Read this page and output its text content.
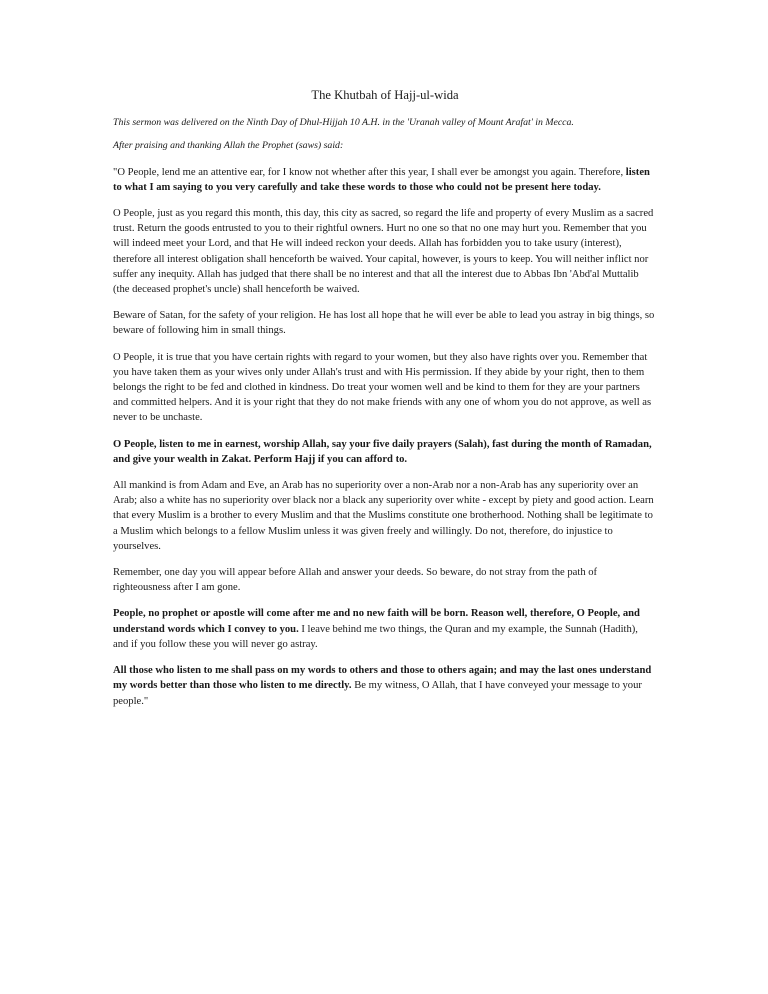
The Khutbah of Hajj-ul-wida

This sermon was delivered on the Ninth Day of Dhul-Hijjah 10 A.H. in the 'Uranah valley of Mount Arafat' in Mecca.

After praising and thanking Allah the Prophet (saws) said:

"O People, lend me an attentive ear, for I know not whether after this year, I shall ever be amongst you again. Therefore, listen to what I am saying to you very carefully and take these words to those who could not be present here today.

O People, just as you regard this month, this day, this city as sacred, so regard the life and property of every Muslim as a sacred trust. Return the goods entrusted to you to their rightful owners. Hurt no one so that no one may hurt you. Remember that you will indeed meet your Lord, and that He will indeed reckon your deeds. Allah has forbidden you to take usury (interest), therefore all interest obligation shall henceforth be waived. Your capital, however, is yours to keep. You will neither inflict nor suffer any inequity. Allah has judged that there shall be no interest and that all the interest due to Abbas Ibn 'Abd'al Muttalib (the deceased prophet's uncle) shall henceforth be waived.

Beware of Satan, for the safety of your religion. He has lost all hope that he will ever be able to lead you astray in big things, so beware of following him in small things.

O People, it is true that you have certain rights with regard to your women, but they also have rights over you. Remember that you have taken them as your wives only under Allah's trust and with His permission. If they abide by your right, then to them belongs the right to be fed and clothed in kindness. Do treat your women well and be kind to them for they are your partners and committed helpers. And it is your right that they do not make friends with any one of whom you do not approve, as well as never to be unchaste.

O People, listen to me in earnest, worship Allah, say your five daily prayers (Salah), fast during the month of Ramadan, and give your wealth in Zakat. Perform Hajj if you can afford to.

All mankind is from Adam and Eve, an Arab has no superiority over a non-Arab nor a non-Arab has any superiority over an Arab; also a white has no superiority over black nor a black any superiority over white - except by piety and good action. Learn that every Muslim is a brother to every Muslim and that the Muslims constitute one brotherhood. Nothing shall be legitimate to a Muslim which belongs to a fellow Muslim unless it was given freely and willingly. Do not, therefore, do injustice to yourselves.

Remember, one day you will appear before Allah and answer your deeds. So beware, do not stray from the path of righteousness after I am gone.

People, no prophet or apostle will come after me and no new faith will be born. Reason well, therefore, O People, and understand words which I convey to you. I leave behind me two things, the Quran and my example, the Sunnah (Hadith), and if you follow these you will never go astray.

All those who listen to me shall pass on my words to others and those to others again; and may the last ones understand my words better than those who listen to me directly. Be my witness, O Allah, that I have conveyed your message to your people."
